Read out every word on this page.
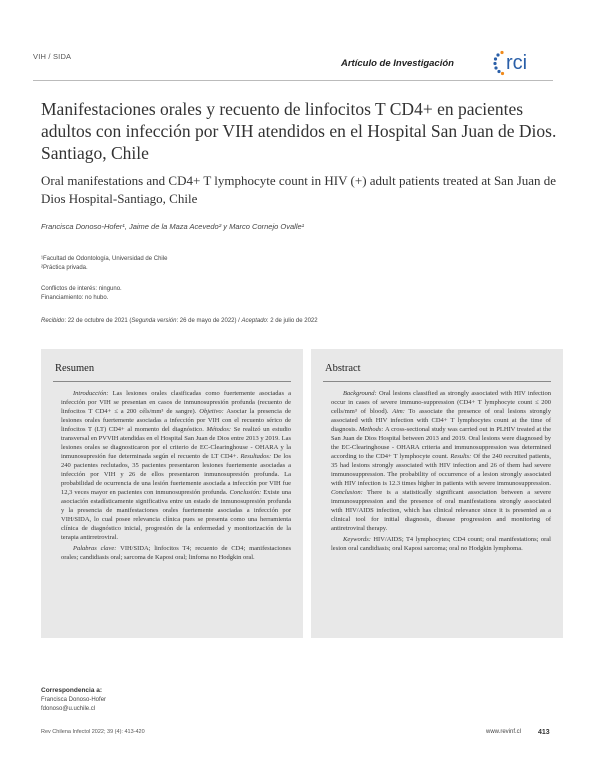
VIH / SIDA
Artículo de Investigación	rci
Manifestaciones orales y recuento de linfocitos T CD4+ en pacientes adultos con infección por VIH atendidos en el Hospital San Juan de Dios. Santiago, Chile
Oral manifestations and CD4+ T lymphocyte count in HIV (+) adult patients treated at San Juan de Dios Hospital-Santiago, Chile
Francisca Donoso-Hofer¹, Jaime de la Maza Acevedo² y Marco Cornejo Ovalle¹
¹Facultad de Odontología, Universidad de Chile
²Práctica privada.
Conflictos de interés: ninguno.
Financiamiento: no hubo.
Recibido: 22 de octubre de 2021 (Segunda versión: 26 de mayo de 2022) / Aceptado: 2 de julio de 2022
Resumen

Introducción: Las lesiones orales clasificadas como fuertemente asociadas a infección por VIH se presentan en casos de inmunosupresión profunda (recuento de linfocitos T CD4+ ≤ a 200 céls/mm³ de sangre). Objetivo: Asociar la presencia de lesiones orales fuertemente asociadas a infección por VIH con el recuento sérico de linfocitos T (LT) CD4+ al momento del diagnóstico. Métodos: Se realizó un estudio transversal en PVVIH atendidas en el Hospital San Juan de Dios entre 2013 y 2019. Las lesiones orales se diagnosticaron por el criterio de EC-Clearinghouse - OHARA y la inmunosupresión fue determinada según el recuento de LT CD4+. Resultados: De los 240 pacientes reclutados, 35 pacientes presentaron lesiones fuertemente asociadas a infección por VIH y 26 de ellos presentaron inmunosupresión profunda. La probabilidad de ocurrencia de una lesión fuertemente asociada a infección por VIH fue 12,3 veces mayor en pacientes con inmunosupresión profunda. Conclusión: Existe una asociación estadísticamente significativa entre un estado de inmunosupresión profunda y la presencia de manifestaciones orales fuertemente asociadas a infección por VIH/SIDA, lo cual posee relevancia clínica pues se presenta como una herramienta clínica de diagnóstico inicial, progresión de la enfermedad y monitorización de la terapia antirretroviral.

Palabras clave: VIH/SIDA; linfocitos T4; recuento de CD4; manifestaciones orales; candidiasis oral; sarcoma de Kaposi oral; linfoma no Hodgkin oral.

Abstract

Background: Oral lesions classified as strongly associated with HIV infection occur in cases of severe immuno-suppression (CD4+ T lymphocyte count ≤ 200 cells/mm³ of blood). Aim: To associate the presence of oral lesions strongly associated with HIV infection with CD4+ T lymphocytes count at the time of diagnosis. Methods: A cross-sectional study was carried out in PLHIV treated at the San Juan de Dios Hospital between 2013 and 2019. Oral lesions were diagnosed by the EC-Clearinghouse - OHARA criteria and immunosuppression was determined according to the CD4+ T lymphocyte count. Results: Of the 240 recruited patients, 35 had lesions strongly associated with HIV infection and 26 of them had severe immunosuppression. The probability of occurrence of a lesion strongly associated with HIV infection is 12.3 times higher in patients with severe immunosuppression. Conclusion: There is a statistically significant association between a severe immunosuppression and the presence of oral manifestations strongly associated with HIV/AIDS infection, which has clinical relevance since it is presented as a clinical tool for initial diagnosis, disease progression and monitoring of antiretroviral therapy.

Keywords: HIV/AIDS; T4 lymphocytes; CD4 count; oral manifestations; oral lesion oral candidiasis; oral Kaposi sarcoma; oral no Hodgkin lymphoma.

Correspondencia a:
Francisca Donoso-Hofer
fdonoso@u.uchile.cl
Rev Chilena Infectol 2022; 39 (4): 413-420	www.revinf.cl 413
